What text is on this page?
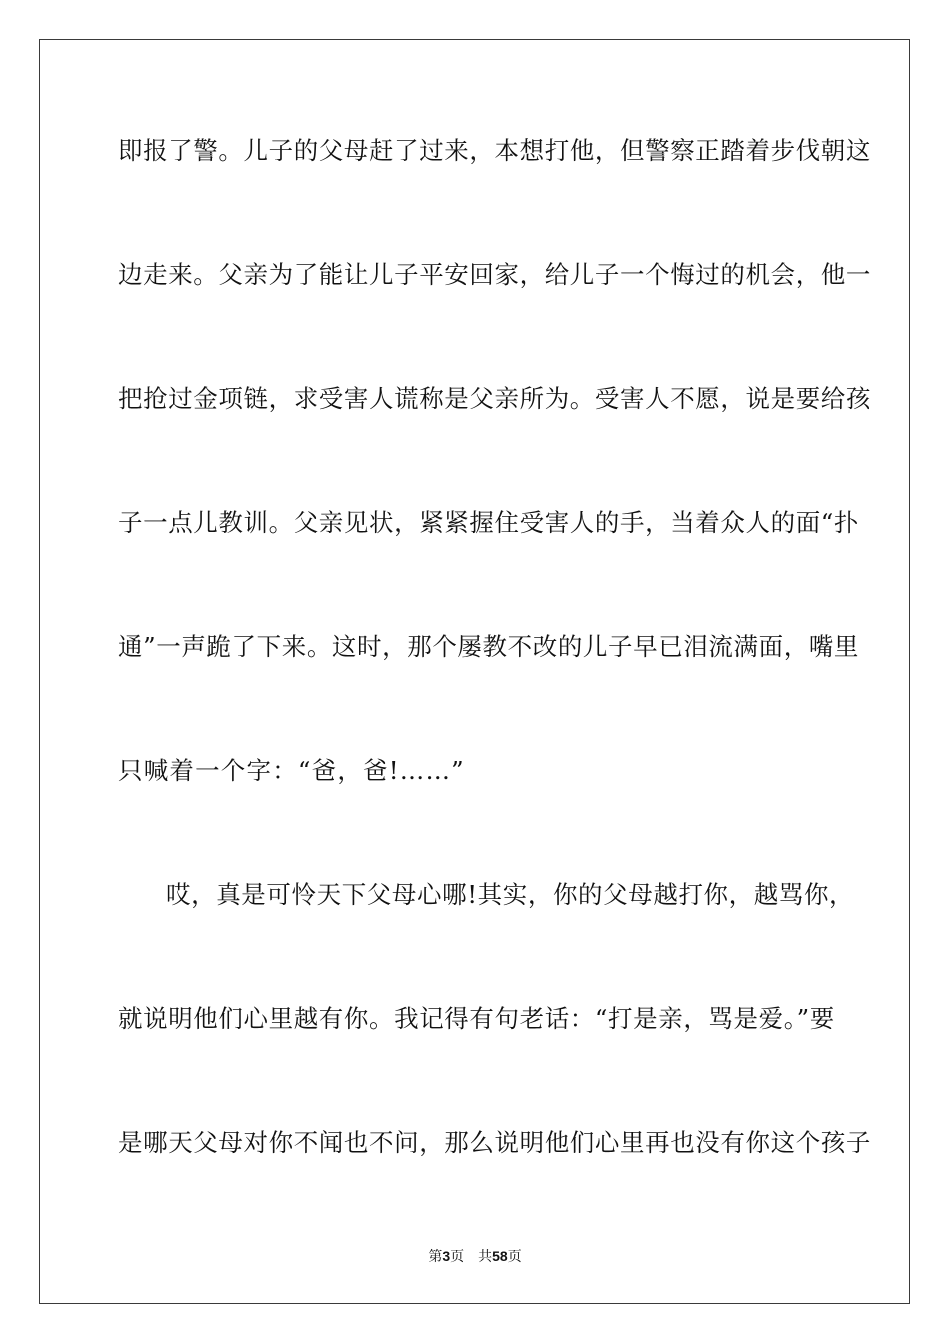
即报了警。儿子的父母赶了过来，本想打他，但警察正踏着步伐朝这

边走来。父亲为了能让儿子平安回家，给儿子一个悔过的机会，他一

把抢过金项链，求受害人谎称是父亲所为。受害人不愿，说是要给孩

子一点儿教训。父亲见状，紧紧握住受害人的手，当着众人的面“扑

通”一声跪了下来。这时，那个屡教不改的儿子早已泪流满面，嘴里

只喊着一个字：“爸，爸!……”

哎，真是可怜天下父母心哪!其实，你的父母越打你，越骂你，

就说明他们心里越有你。我记得有句老话：“打是亲，骂是爱。”要

是哪天父母对你不闻也不问，那么说明他们心里再也没有你这个孩子

第3页 共58页
